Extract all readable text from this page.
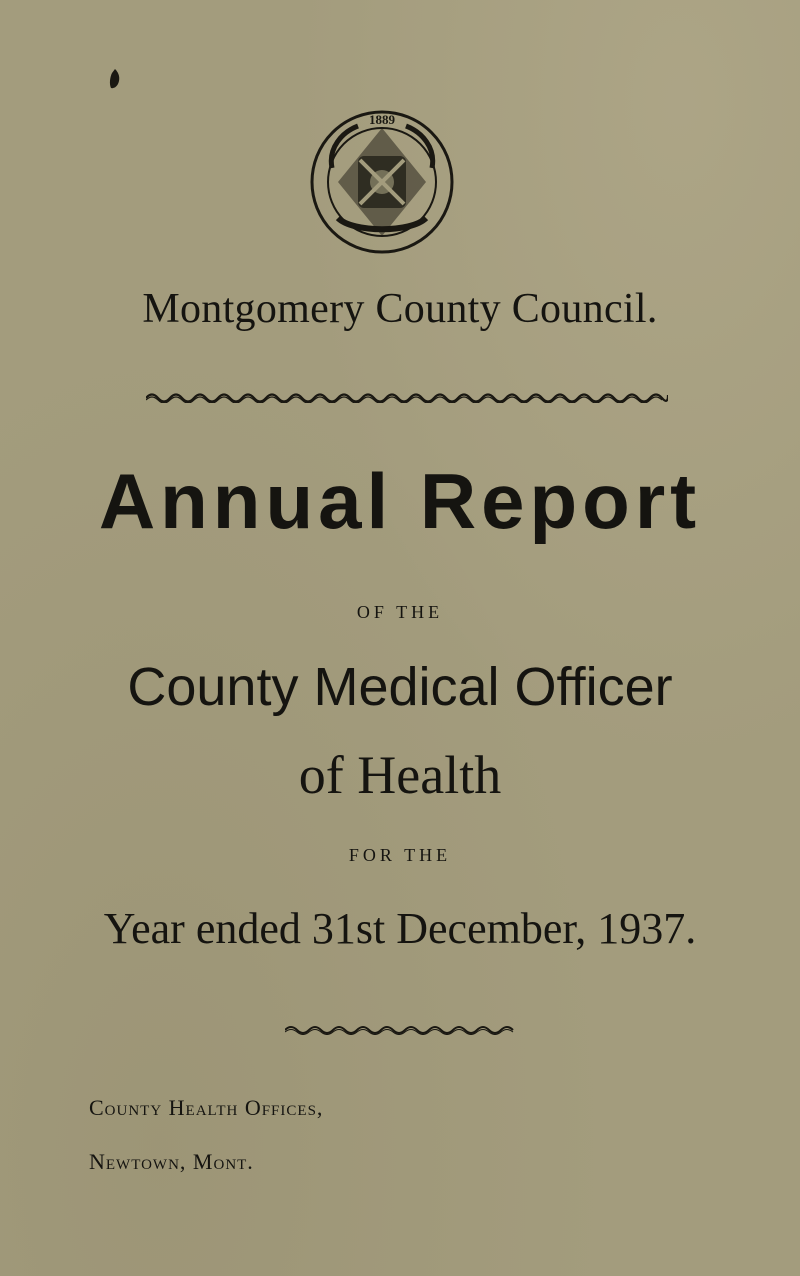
1889
Montgomery County Council.
Annual Report
OF THE
County Medical Officer
of Health
FOR THE
Year ended 31st December, 1937.
County Health Offices,
Newtown, Mont.
